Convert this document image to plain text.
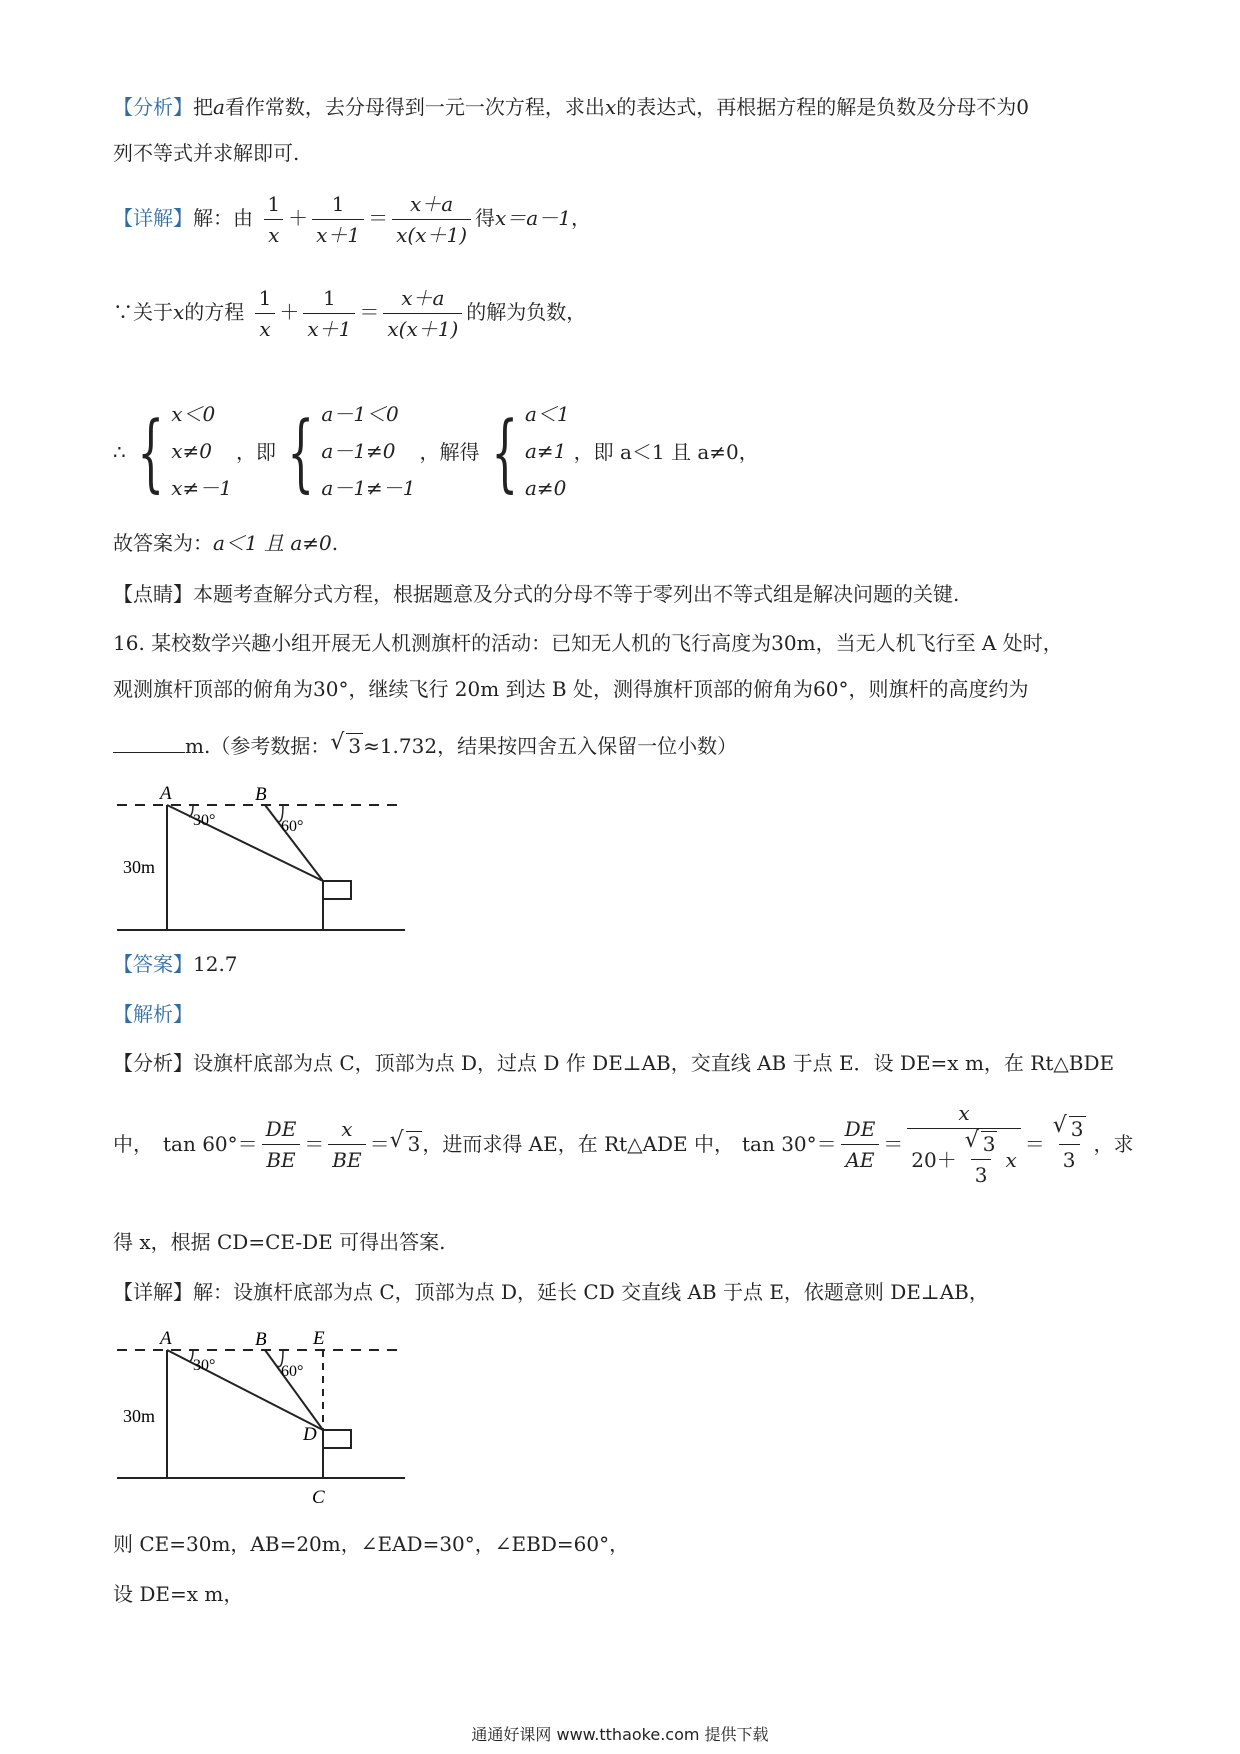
【分析】把a看作常数，去分母得到一元一次方程，求出x的表达式，再根据方程的解是负数及分母不为0
列不等式并求解即可.
【详解】解：由 $\frac{1}{x} + \frac{1}{x+1} = \frac{x+a}{x(x+1)}$ 得x＝a－1，
∵关于x的方程 $\frac{1}{x} + \frac{1}{x+1} = \frac{x+a}{x(x+1)}$ 的解为负数，
∴ { x＜0
x≠0
x≠－1
，即 { a－1＜0
a－1≠0
a－1≠－1
，解得 { a＜1
a≠1
a≠0
，即 a＜1 且 a≠0，
故答案为：a＜1 且 a≠0.
【点睛】本题考查解分式方程，根据题意及分式的分母不等于零列出不等式组是解决问题的关键.
16. 某校数学兴趣小组开展无人机测旗杆的活动：已知无人机的飞行高度为30m，当无人机飞行至 A 处时，
观测旗杆顶部的俯角为30°，继续飞行 20m 到达 B 处，测得旗杆顶部的俯角为60°，则旗杆的高度约为
m.（参考数据：√ 3 ≈1.732，结果按四舍五入保留一位小数）
A	B
30°	60°
30m
【答案】12.7
【解析】
【分析】设旗杆底部为点 C，顶部为点 D，过点 D 作 DE⊥AB，交直线 AB 于点 E．设 DE=x m，在 Rt△BDE
中， $\tan 60^\circ= \frac{DE}{BE} = \frac{x}{BE}$ ＝
√ 3 ，进而求得 AE，在 Rt△ADE 中， $\tan 30^\circ= \frac{DE}{AE} = x$
20＋
√ $\frac{3}{3}$ x ＝
√ $\frac{3}{3}$ ，求
得 x，根据 CD=CE-DE 可得出答案.
【详解】解：设旗杆底部为点 C，顶部为点 D，延长 CD 交直线 AB 于点 E，依题意则 DE⊥AB，
A	B E
D
C
30°	60°
30m
则 CE=30m，AB=20m，∠EAD=30°，∠EBD=60°，
设 DE=x m，
通通好课网 www.tthaoke.com 提供下载
